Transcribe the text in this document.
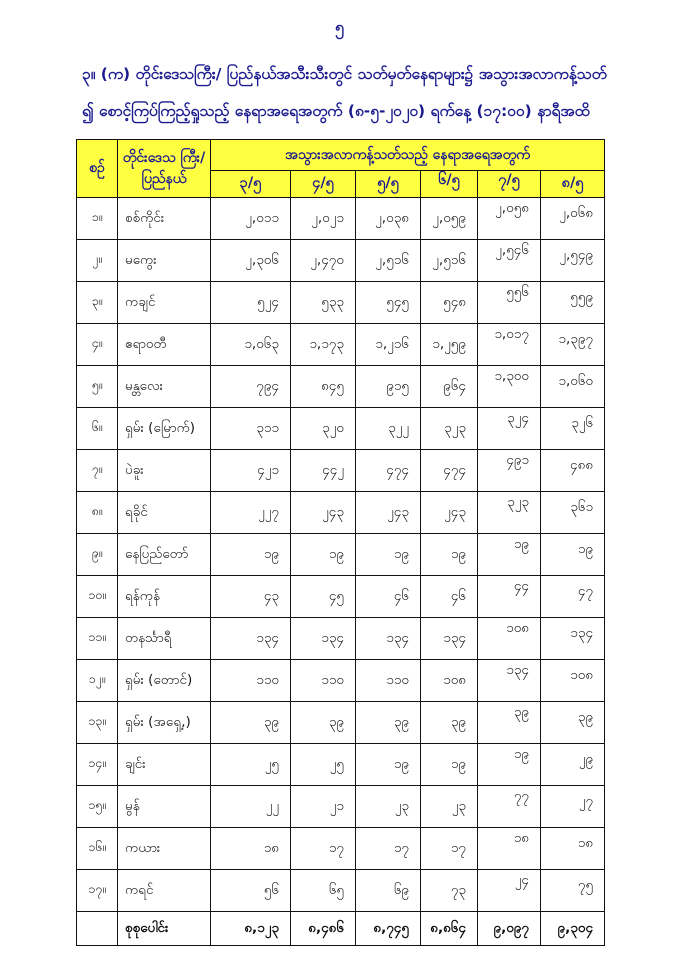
၅
၃။ (က) တိုင်းဒေသကြီး/ ပြည်နယ်အသီးသီးတွင် သတ်မှတ်နေရာများ၌ အသွားအလာကန့်သတ်
၍ စောင့်ကြပ်ကြည့်ရှုသည့် နေရာအရေအတွက် (၈-၅-၂၀၂၀) ရက်နေ့ (၁၇:၀၀) နာရီအထိ
စဉ်	တိုင်းဒေသ ကြီး/ ပြည်နယ်	အသွားအလာကန့်သတ်သည့် နေရာအရေအတွက်					
		၃/၅	၄/၅	၅/၅	၆/၅	၇/၅	၈/၅
၁။	စစ်ကိုင်း	၂,၀၁၁	၂,၀၂၁	၂,၀၃၈	၂,၀၅၉	၂,၀၅၈	၂,၀၆၈
၂။	မကွေး	၂,၃၀၆	၂,၄၇၀	၂,၅၁၆	၂,၅၁၆	၂,၅၄၆	၂,၅၄၉
၃။	ကချင်	၅၂၄	၅၃၃	၅၄၅	၅၄၈	၅၅၆	၅၅၉
၄။	ဧရာဝတီ	၁,၀၆၃	၁,၁၇၃	၁,၂၁၆	၁,၂၅၉	၁,၀၁၇	၁,၃၉၇
၅။	မန္တလေး	၇၉၄	၈၄၅	၉၁၅	၉၆၄	၁,၃၀၀	၁,၀၆၀
၆။	ရှမ်း (မြောက်)	၃၁၁	၃၂၀	၃၂၂	၃၂၃	၃၂၄	၃၂၆
၇။	ပဲခူး	၄၂၁	၄၄၂	၄၇၄	၄၇၄	၄၉၁	၄၈၈
၈။	ရခိုင်	၂၂၇	၂၄၃	၂၄၃	၂၄၃	၃၂၃	၃၆၁
၉။	နေပြည်တော်	၁၉	၁၉	၁၉	၁၉	၁၉	၁၉
၁၀။	ရန်ကုန်	၄၃	၄၅	၄၆	၄၆	၄၄	၄၇
၁၁။	တနင်္သာရီ	၁၃၄	၁၃၄	၁၃၄	၁၃၄	၁၀၈	၁၃၄
၁၂။	ရှမ်း (တောင်)	၁၁၀	၁၁၀	၁၁၀	၁၀၈	၁၃၄	၁၀၈
၁၃။	ရှမ်း (အရှေ့,)	၃၉	၃၉	၃၉	၃၉	၃၉	၃၉
၁၄။	ချင်း	၂၅	၂၅	၁၉	၁၉	၁၉	၂၉
၁၅။	မွန်	၂၂	၂၁	၂၃	၂၃	၇၇	၂၇
၁၆။	ကယား	၁၈	၁၇	၁၇	၁၇	၁၈	၁၈
၁၇။	ကရင်	၅၆	၆၅	၆၉	၇၃	၂၄	၇၅
	စုစုပေါင်း	၈,၁၂၃	၈,၄၈၆	၈,၇၄၅	၈,၈၆၄	၉,၀၉၇	၉,၃၀၄
